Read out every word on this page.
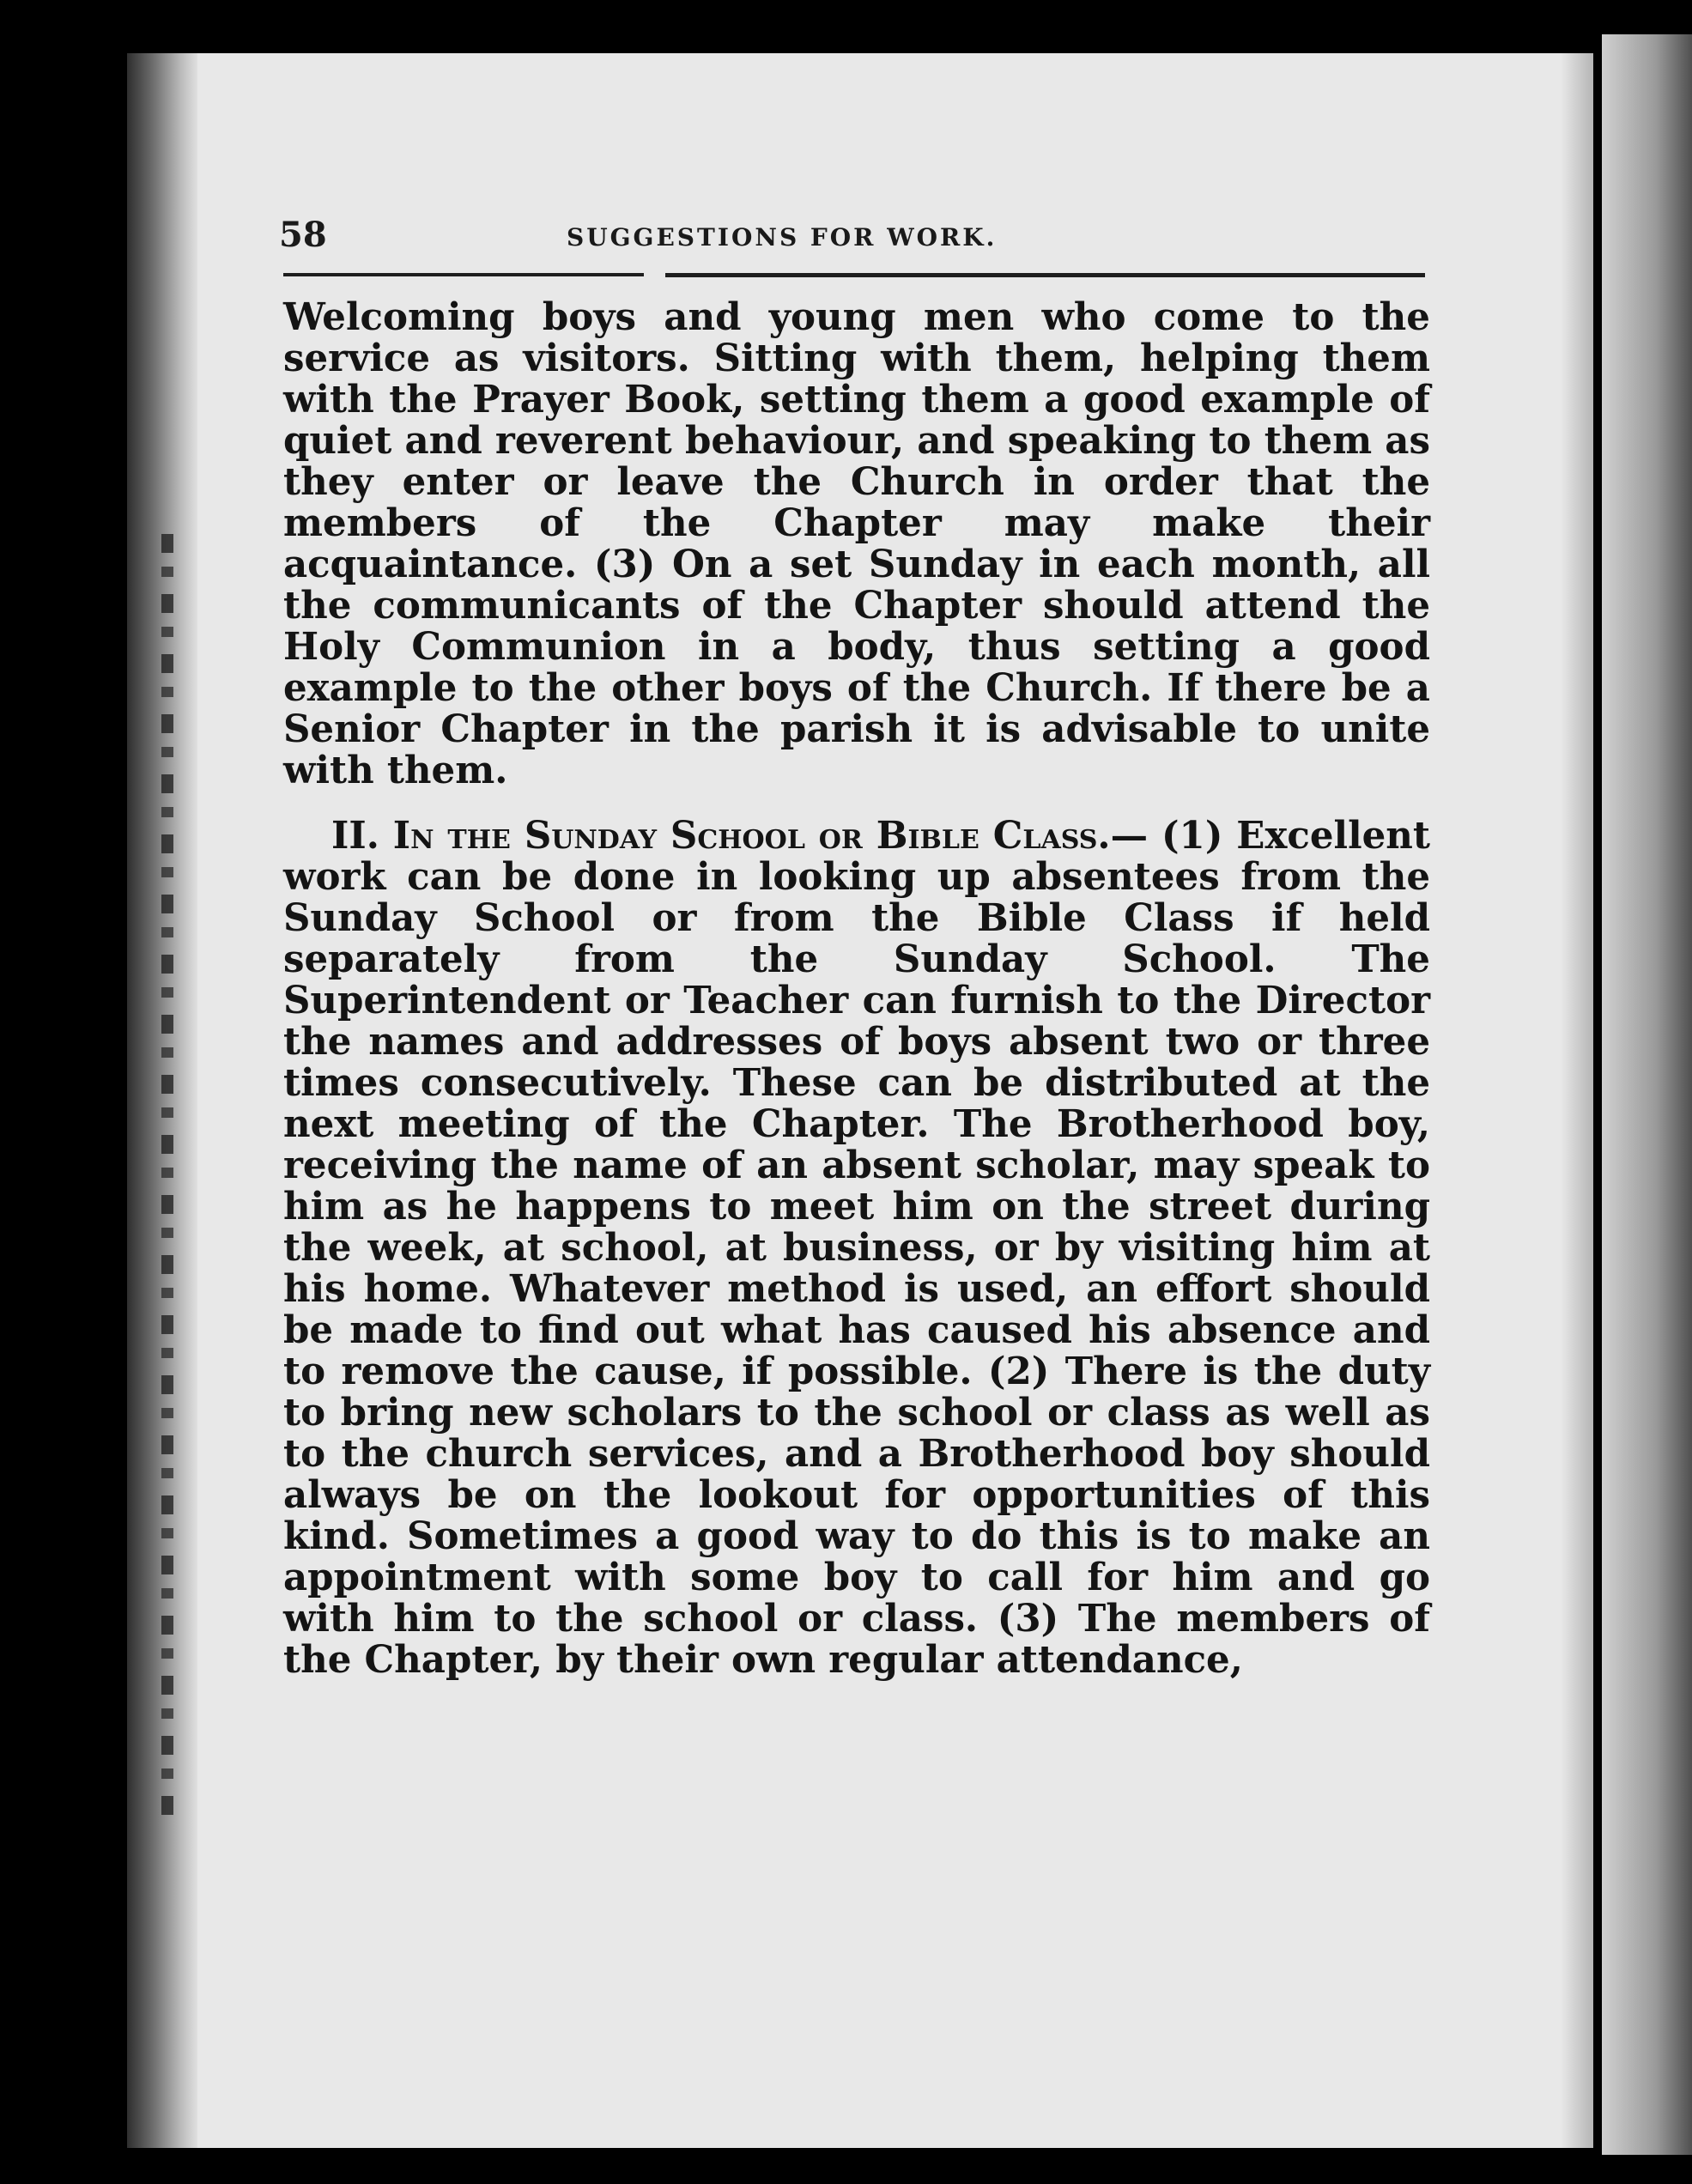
58	SUGGESTIONS FOR WORK.

Welcoming boys and young men who come to the service as visitors. Sitting with them, helping them with the Prayer Book, setting them a good example of quiet and reverent behaviour, and speaking to them as they enter or leave the Church in order that the members of the Chapter may make their acquaintance. (3) On a set Sunday in each month, all the communicants of the Chapter should attend the Holy Communion in a body, thus setting a good example to the other boys of the Church. If there be a Senior Chapter in the parish it is advisable to unite with them.

II. In the Sunday School or Bible Class.— (1) Excellent work can be done in looking up absentees from the Sunday School or from the Bible Class if held separately from the Sunday School. The Superintendent or Teacher can furnish to the Director the names and addresses of boys absent two or three times consecutively. These can be distributed at the next meeting of the Chapter. The Brotherhood boy, receiving the name of an absent scholar, may speak to him as he happens to meet him on the street during the week, at school, at business, or by visiting him at his home. Whatever method is used, an effort should be made to find out what has caused his absence and to remove the cause, if possible. (2) There is the duty to bring new scholars to the school or class as well as to the church services, and a Brotherhood boy should always be on the lookout for opportunities of this kind. Sometimes a good way to do this is to make an appointment with some boy to call for him and go with him to the school or class. (3) The members of the Chapter, by their own regular attendance,
